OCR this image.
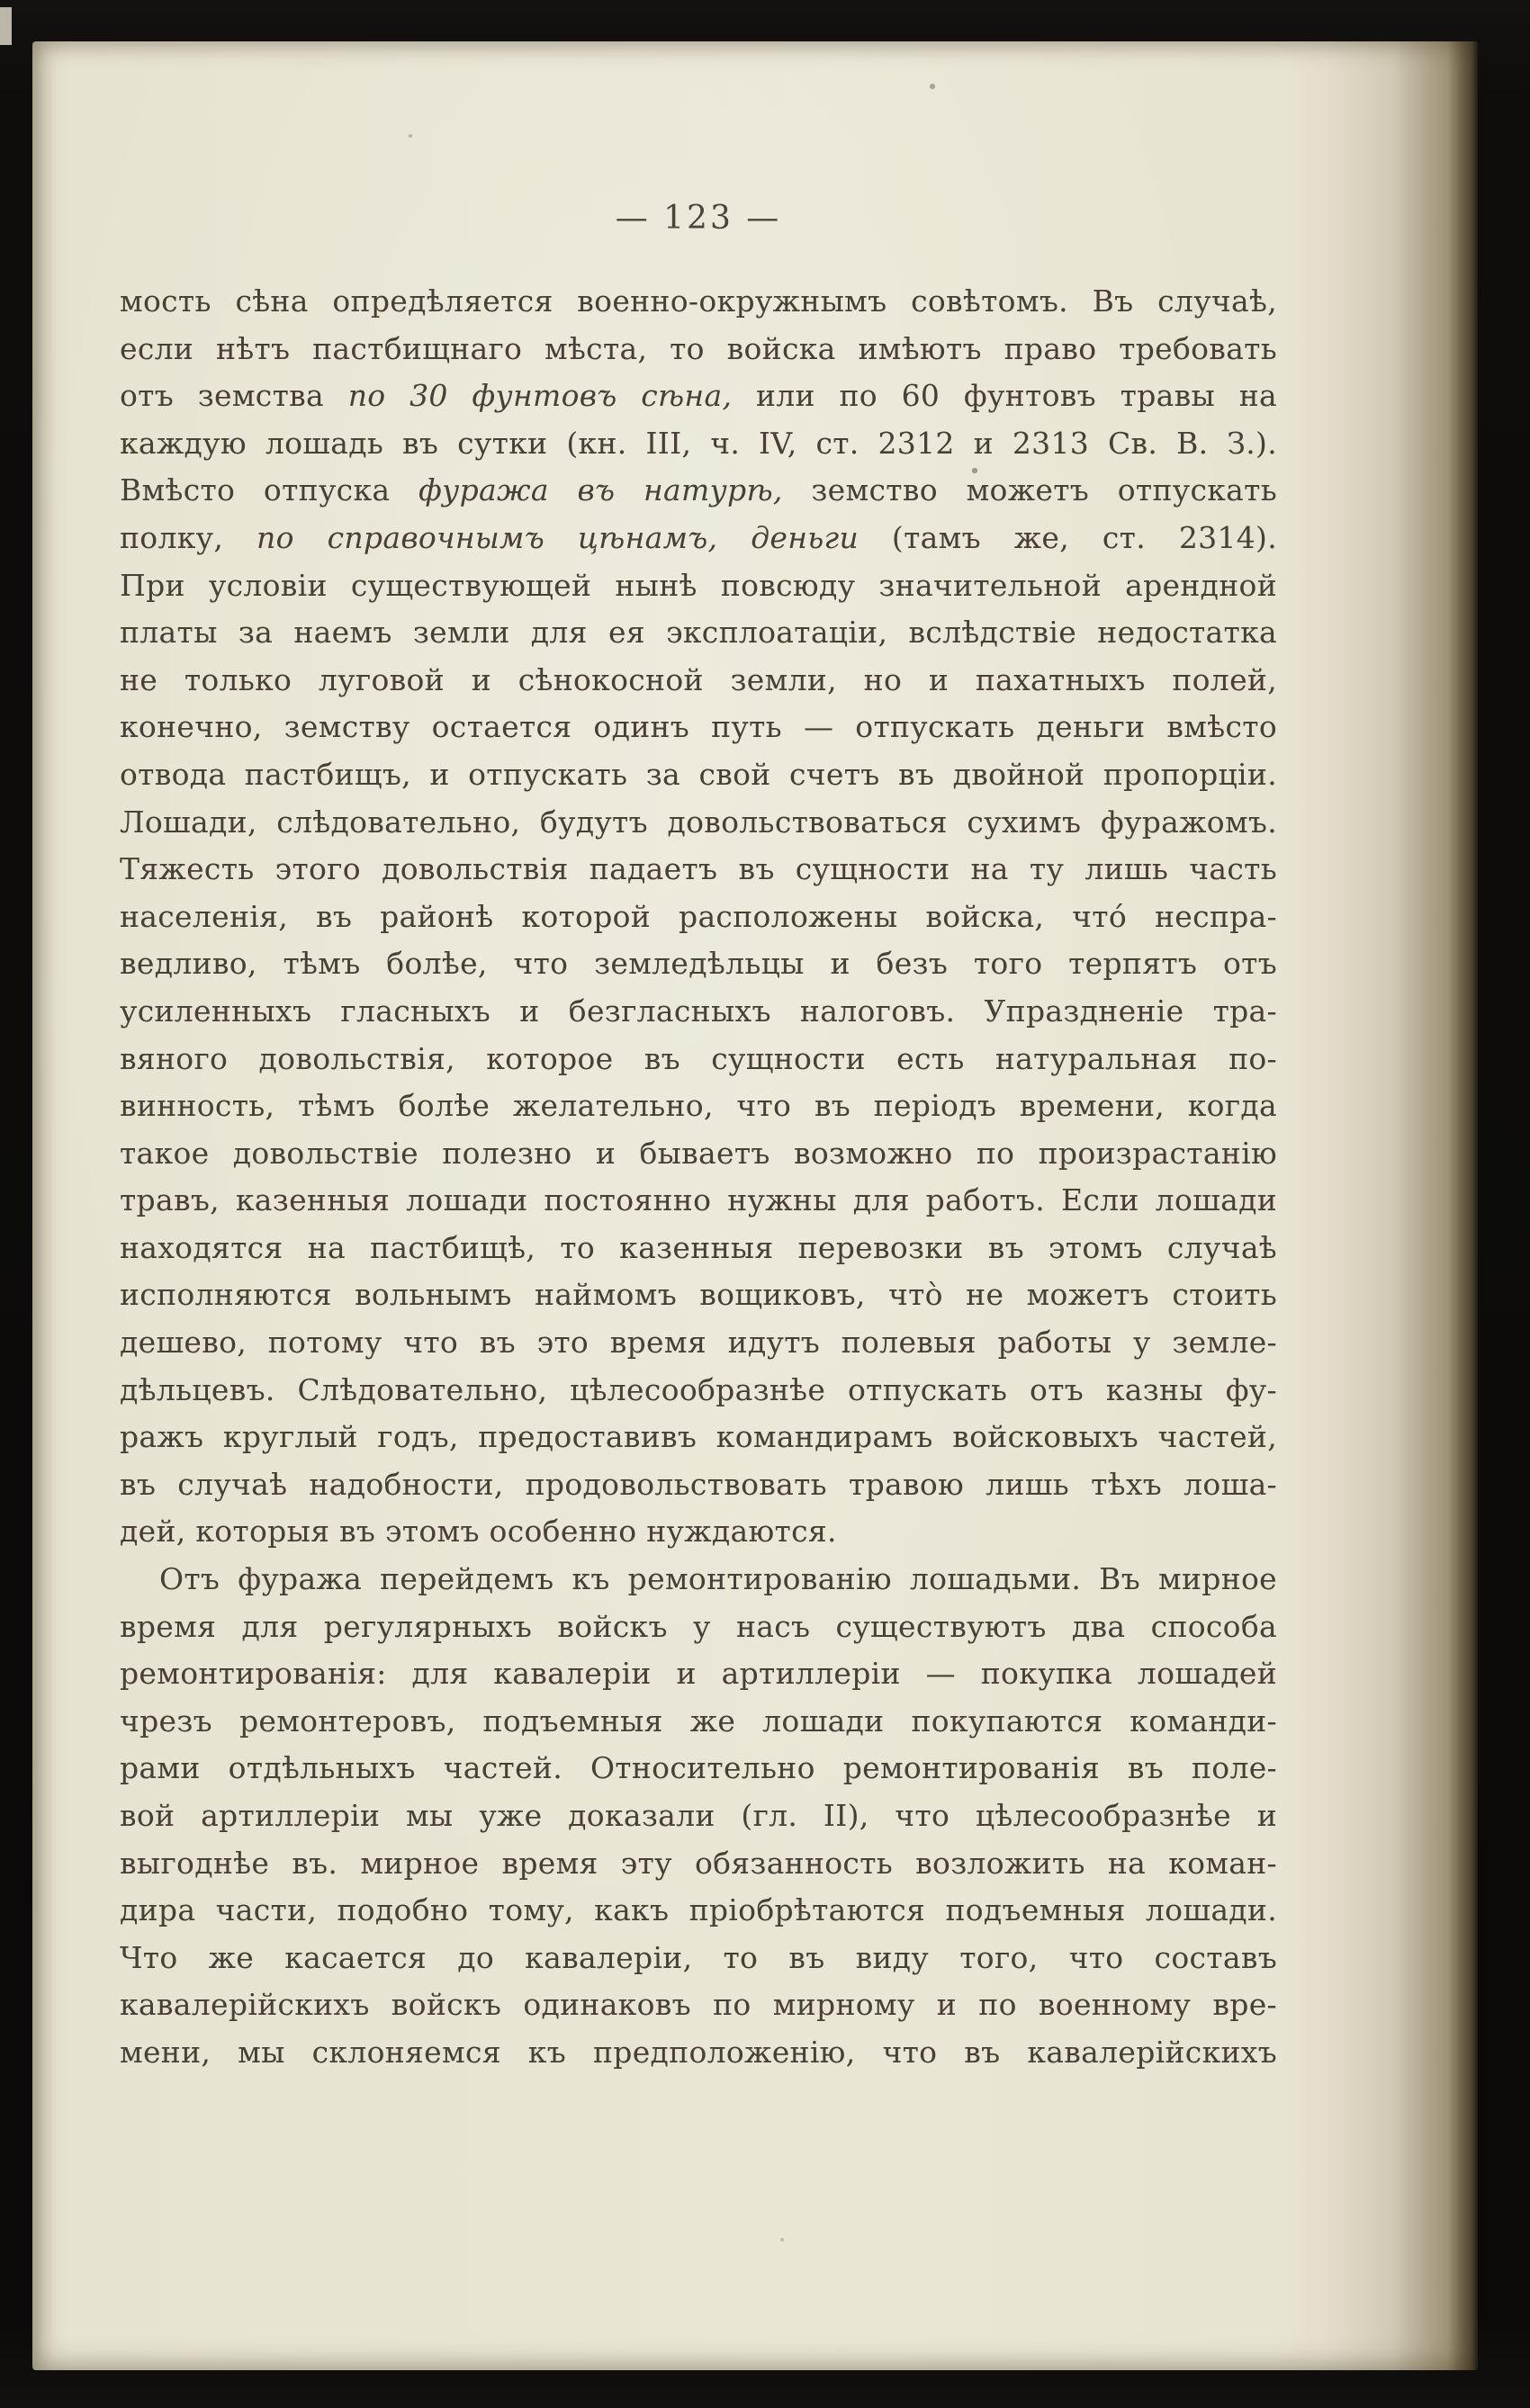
— 123 —
мость сѣна опредѣляется военно-окружнымъ совѣтомъ. Въ случаѣ,
если нѣтъ пастбищнаго мѣста, то войска имѣютъ право требовать
отъ земства по 30 фунтовъ сѣна, или по 60 фунтовъ травы на
каждую лошадь въ сутки (кн. III, ч. IV, ст. 2312 и 2313 Св. В. З.).
Вмѣсто отпуска фуража въ натурѣ, земство можетъ отпускать
полку, по справочнымъ цѣнамъ, деньги (тамъ же, ст. 2314).
При условіи существующей нынѣ повсюду значительной арендной
платы за наемъ земли для ея эксплоатаціи, вслѣдствіе недостатка
не только луговой и сѣнокосной земли, но и пахатныхъ полей,
конечно, земству остается одинъ путь — отпускать деньги вмѣсто
отвода пастбищъ, и отпускать за свой счетъ въ двойной пропорціи.
Лошади, слѣдовательно, будутъ довольствоваться сухимъ фуражомъ.
Тяжесть этого довольствія падаетъ въ сущности на ту лишь часть
населенія, въ районѣ которой расположены войска, что́ неспра-
ведливо, тѣмъ болѣе, что земледѣльцы и безъ того терпятъ отъ
усиленныхъ гласныхъ и безгласныхъ налоговъ. Упраздненіе тра-
вяного довольствія, которое въ сущности есть натуральная по-
винность, тѣмъ болѣе желательно, что въ періодъ времени, когда
такое довольствіе полезно и бываетъ возможно по произрастанію
травъ, казенныя лошади постоянно нужны для работъ. Если лошади
находятся на пастбищѣ, то казенныя перевозки въ этомъ случаѣ
исполняются вольнымъ наймомъ вощиковъ, что̀ не можетъ стоить
дешево, потому что въ это время идутъ полевыя работы у земле-
дѣльцевъ. Слѣдовательно, цѣлесообразнѣе отпускать отъ казны фу-
ражъ круглый годъ, предоставивъ командирамъ войсковыхъ частей,
въ случаѣ надобности, продовольствовать травою лишь тѣхъ лоша-
дей, которыя въ этомъ особенно нуждаются.
Отъ фуража перейдемъ къ ремонтированію лошадьми. Въ мирное
время для регулярныхъ войскъ у насъ существуютъ два способа
ремонтированія: для кавалеріи и артиллеріи — покупка лошадей
чрезъ ремонтеровъ, подъемныя же лошади покупаются команди-
рами отдѣльныхъ частей. Относительно ремонтированія въ поле-
вой артиллеріи мы уже доказали (гл. II), что цѣлесообразнѣе и
выгоднѣе въ. мирное время эту обязанность возложить на коман-
дира части, подобно тому, какъ пріобрѣтаются подъемныя лошади.
Что же касается до кавалеріи, то въ виду того, что составъ
кавалерійскихъ войскъ одинаковъ по мирному и по военному вре-
мени, мы склоняемся къ предположенію, что въ кавалерійскихъ
